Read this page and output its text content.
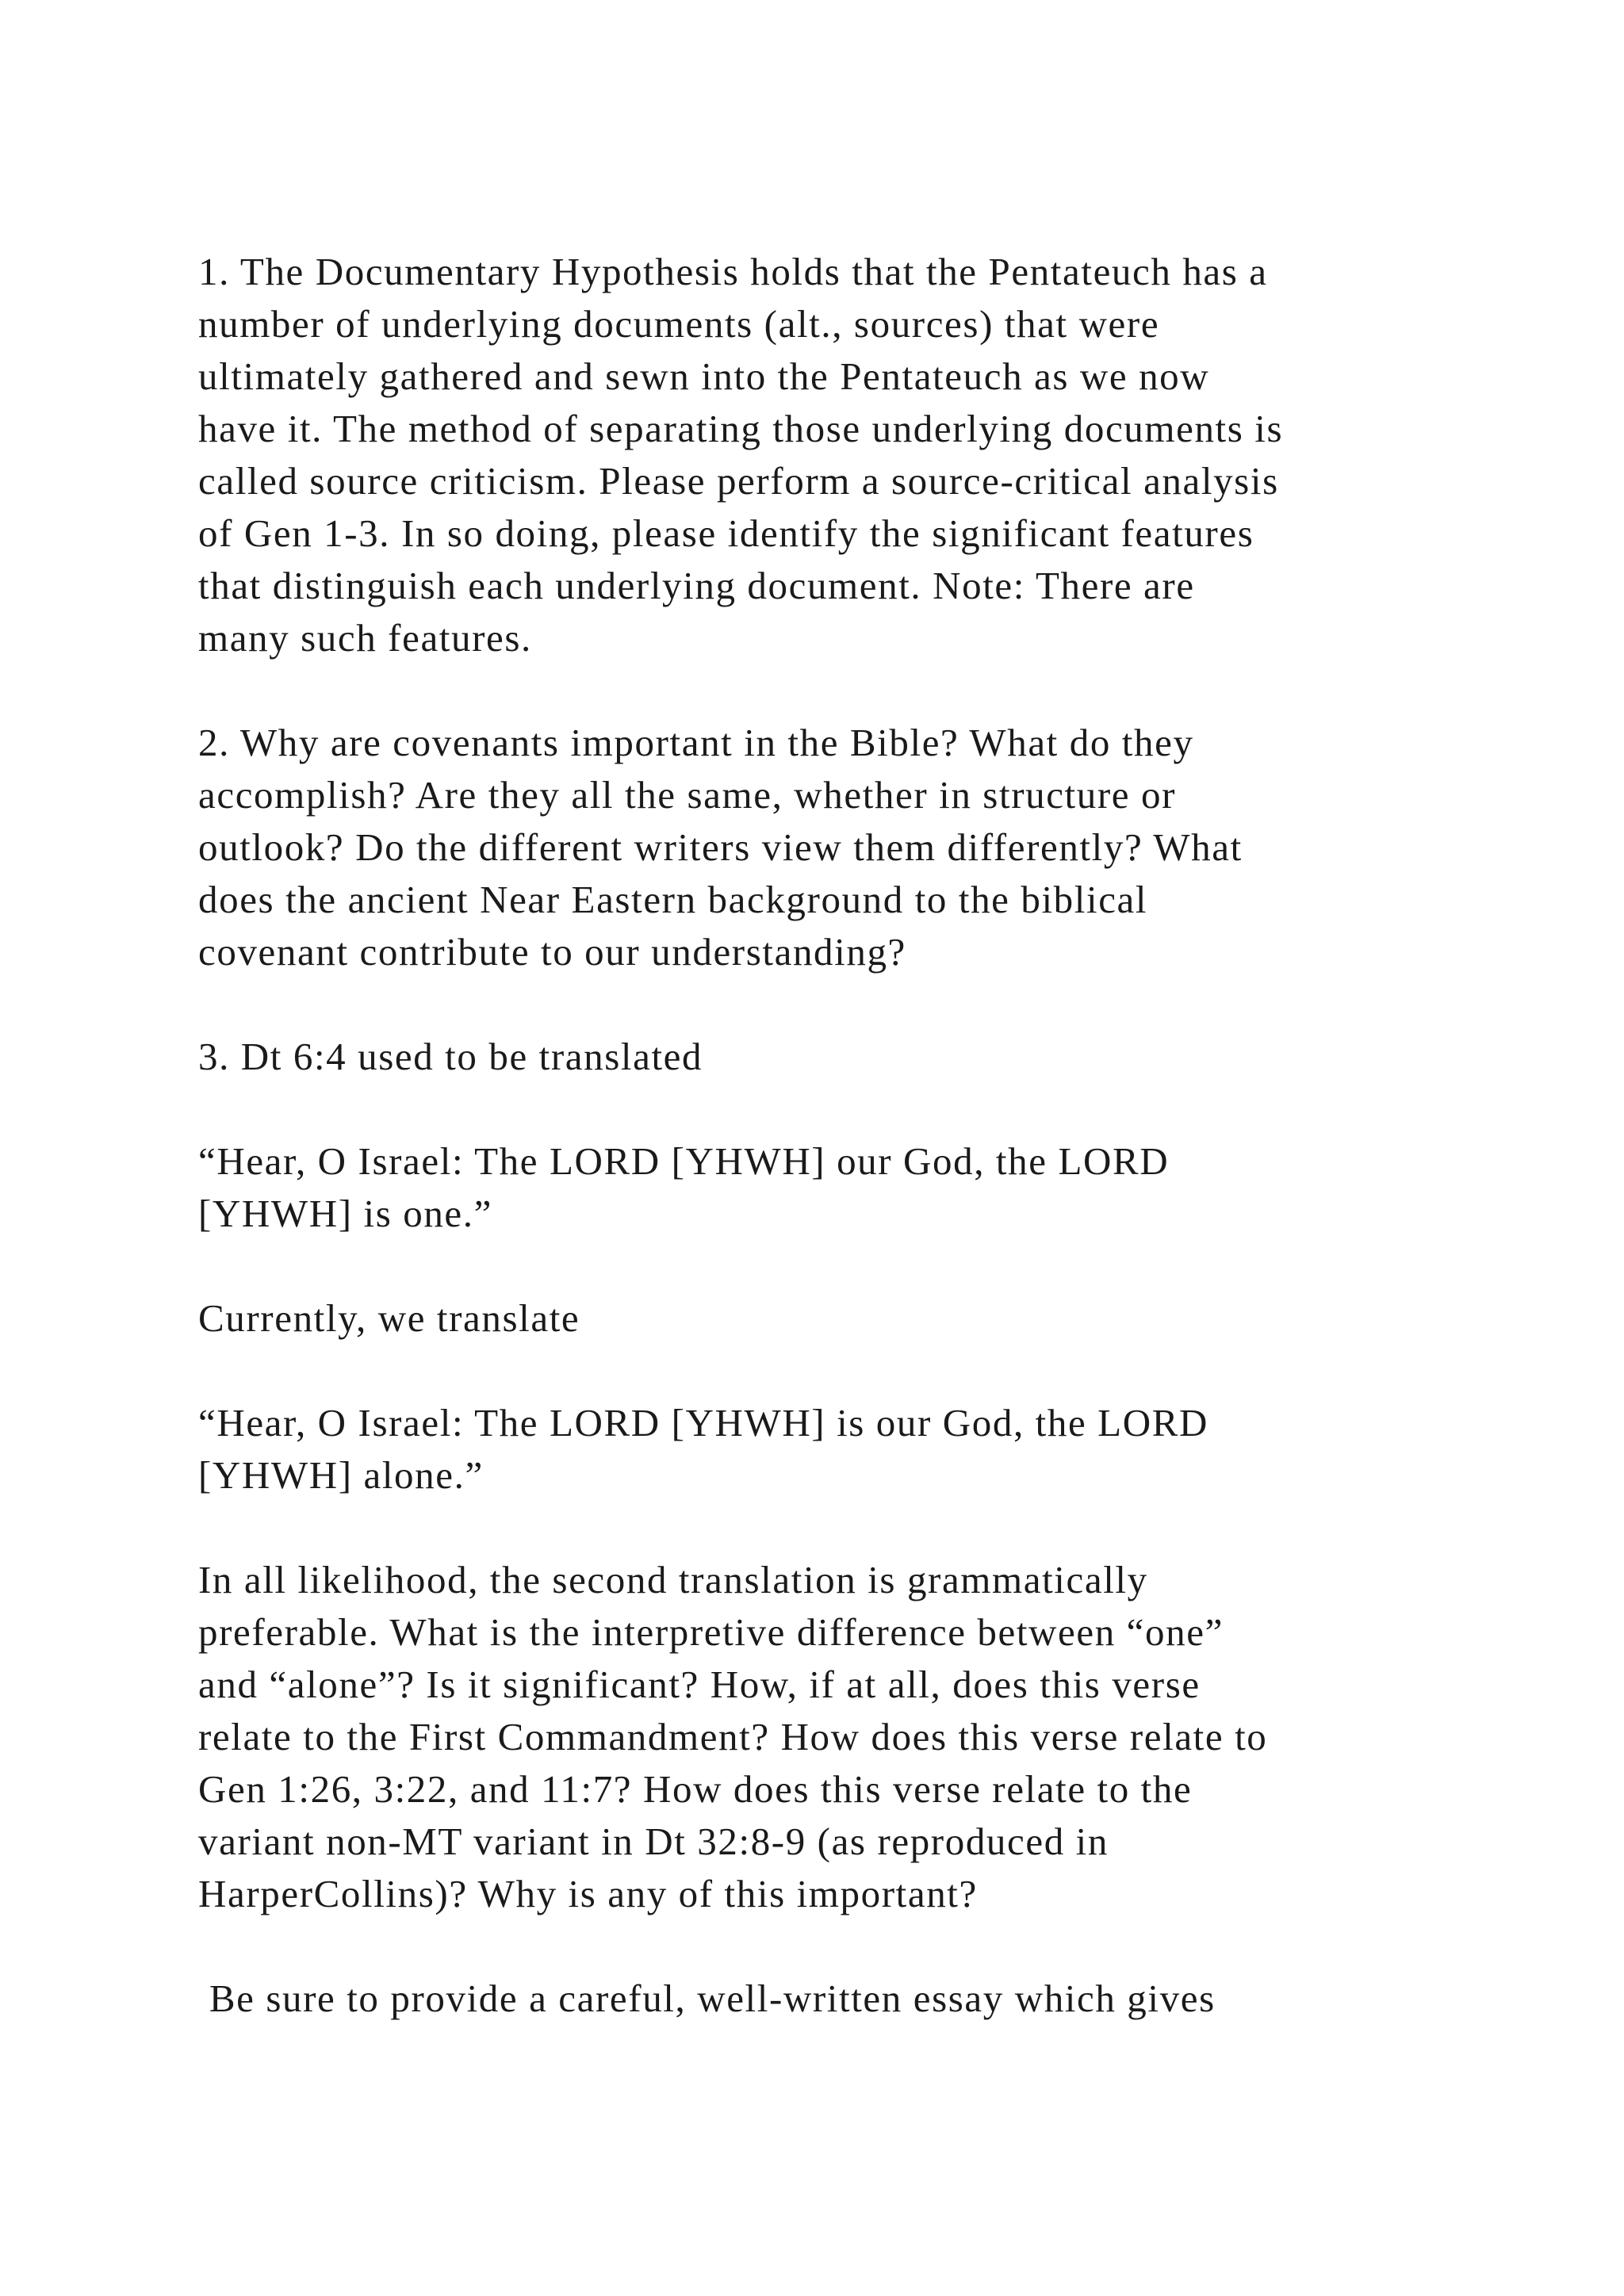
1. The Documentary Hypothesis holds that the Pentateuch has a
number of underlying documents (alt., sources) that were
ultimately gathered and sewn into the Pentateuch as we now
have it. The method of separating those underlying documents is
called source criticism. Please perform a source-critical analysis
of Gen 1-3. In so doing, please identify the significant features
that distinguish each underlying document. Note: There are
many such features.
2. Why are covenants important in the Bible? What do they
accomplish? Are they all the same, whether in structure or
outlook? Do the different writers view them differently? What
does the ancient Near Eastern background to the biblical
covenant contribute to our understanding?
3. Dt 6:4 used to be translated
“Hear, O Israel: The LORD [YHWH] our God, the LORD
[YHWH] is one.”
Currently, we translate
“Hear, O Israel: The LORD [YHWH] is our God, the LORD
[YHWH] alone.”
In all likelihood, the second translation is grammatically
preferable. What is the interpretive difference between “one”
and “alone”? Is it significant? How, if at all, does this verse
relate to the First Commandment? How does this verse relate to
Gen 1:26, 3:22, and 11:7? How does this verse relate to the
variant non-MT variant in Dt 32:8-9 (as reproduced in
HarperCollins)? Why is any of this important?
Be sure to provide a careful, well-written essay which gives
